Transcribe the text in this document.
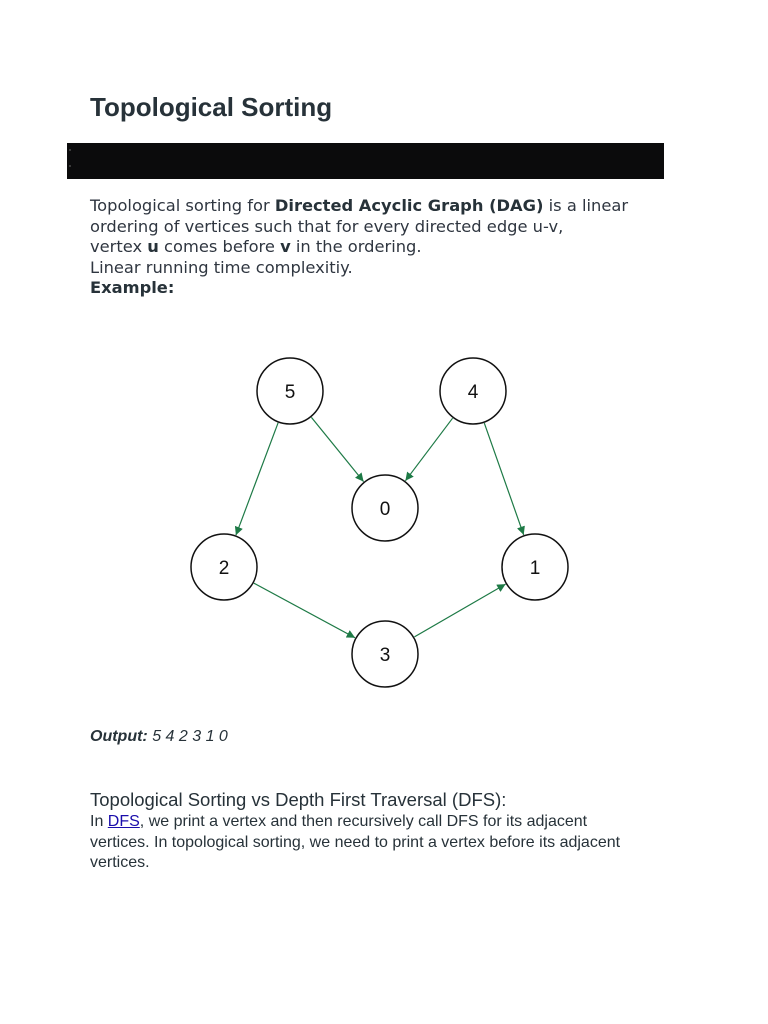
Topological Sorting
Topological sorting for Directed Acyclic Graph (DAG) is a linear
ordering of vertices such that for every directed edge u-v,
vertex u comes before v in the ordering.
Linear running time complexitiy.
Example:
5	4
0
2	1
3
Output: 5 4 2 3 1 0
Topological Sorting vs Depth First Traversal (DFS):
In DFS, we print a vertex and then recursively call DFS for its adjacent
vertices. In topological sorting, we need to print a vertex before its adjacent
vertices.
